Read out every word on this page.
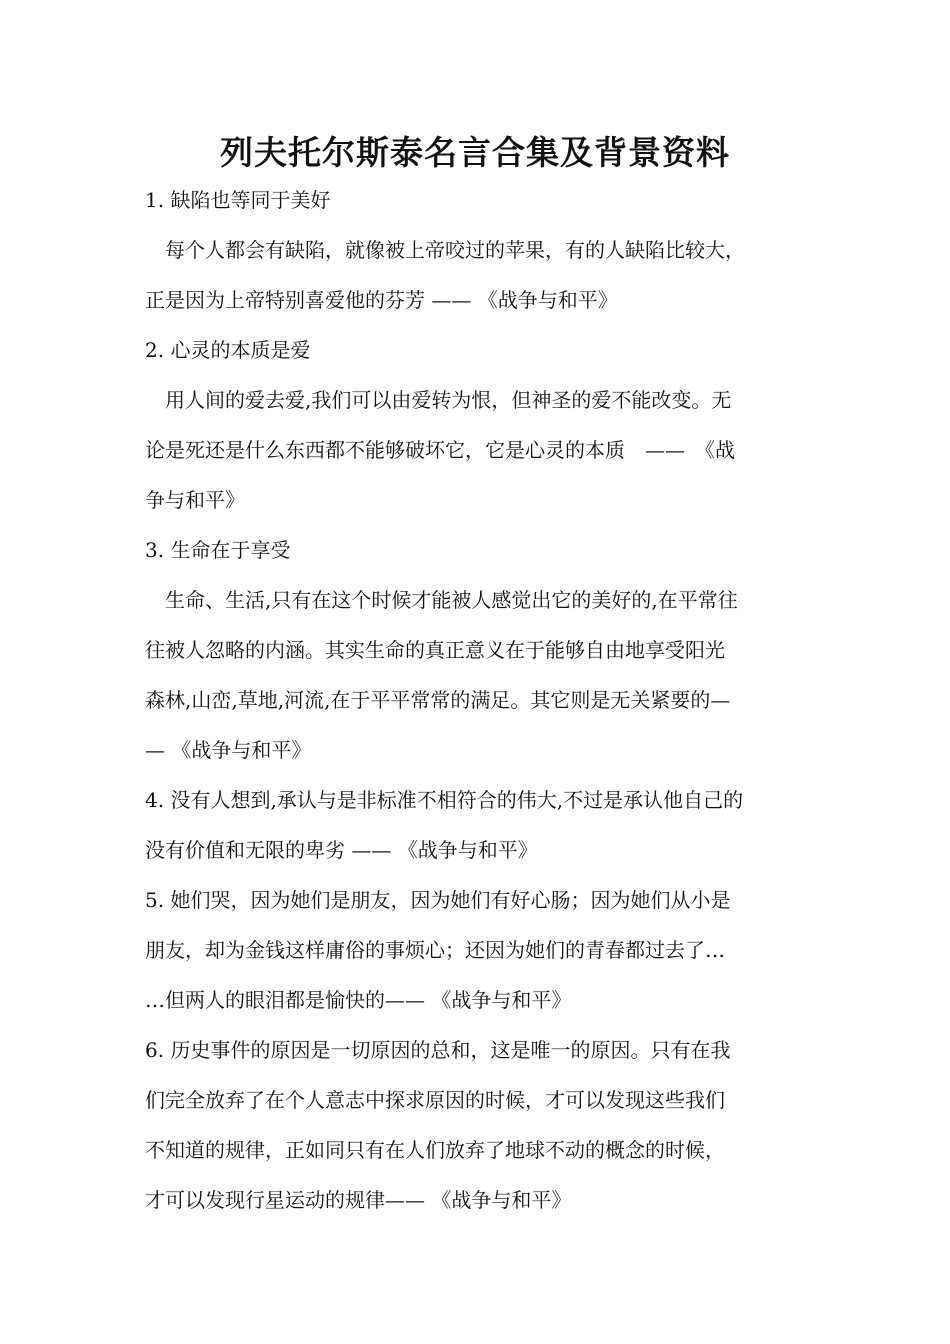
列夫托尔斯泰名言合集及背景资料
1. 缺陷也等同于美好
　每个人都会有缺陷，就像被上帝咬过的苹果，有的人缺陷比较大，
正是因为上帝特别喜爱他的芬芳 —— 《战争与和平》
2. 心灵的本质是爱
　用人间的爱去爱,我们可以由爱转为恨，但神圣的爱不能改变。无
论是死还是什么东西都不能够破坏它，它是心灵的本质　——　《战
争与和平》
3. 生命在于享受
　生命、生活,只有在这个时候才能被人感觉出它的美好的,在平常往
往被人忽略的内涵。其实生命的真正意义在于能够自由地享受阳光
森林,山峦,草地,河流,在于平平常常的满足。其它则是无关紧要的—
— 《战争与和平》
4. 没有人想到,承认与是非标准不相符合的伟大,不过是承认他自己的
没有价值和无限的卑劣 —— 《战争与和平》
5. 她们哭，因为她们是朋友，因为她们有好心肠；因为她们从小是
朋友，却为金钱这样庸俗的事烦心；还因为她们的青春都过去了…
…但两人的眼泪都是愉快的—— 《战争与和平》
6. 历史事件的原因是一切原因的总和，这是唯一的原因。只有在我
们完全放弃了在个人意志中探求原因的时候，才可以发现这些我们
不知道的规律，正如同只有在人们放弃了地球不动的概念的时候，
才可以发现行星运动的规律—— 《战争与和平》
